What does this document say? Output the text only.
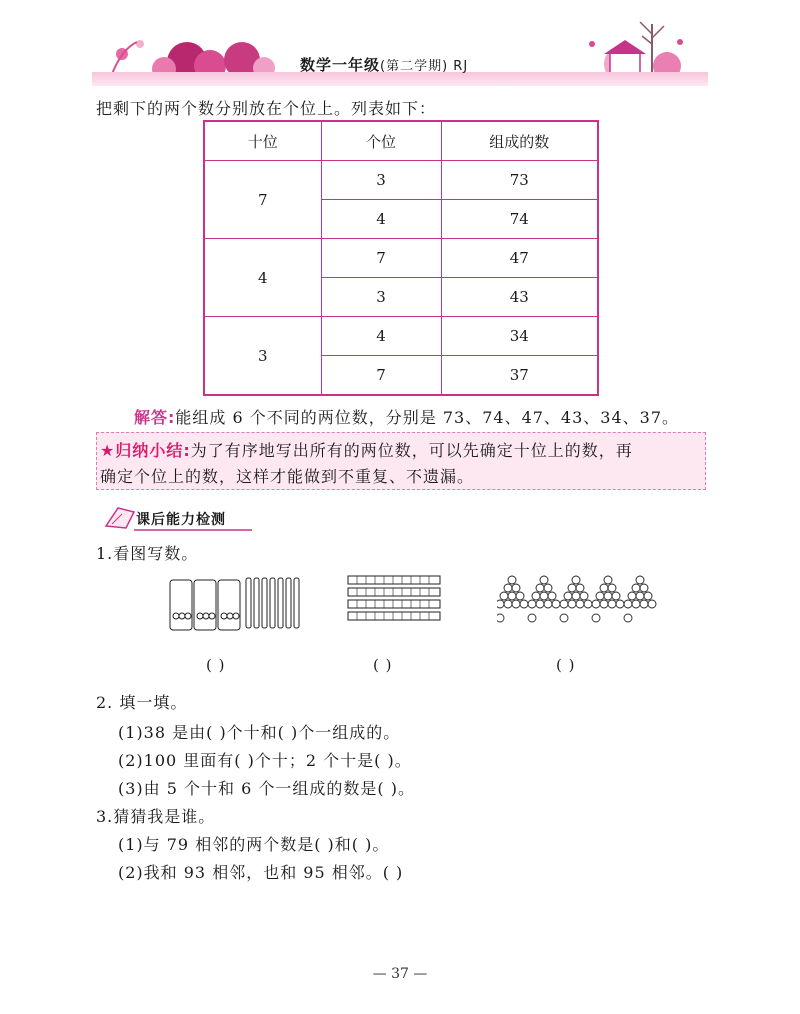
数学一年级(第二学期) RJ
把剩下的两个数分别放在个位上。列表如下：
十位	个位	组成的数
7	3	73
	4	74
4	7	47
	3	43
3	4	34
	7	37
解答:能组成 6 个不同的两位数，分别是 73、74、47、43、34、37。
★归纳小结:为了有序地写出所有的两位数，可以先确定十位上的数，再
确定个位上的数，这样才能做到不重复、不遗漏。
课后能力检测
1.看图写数。
( )	( )	( )
2. 填一填。
(1)38 是由( )个十和( )个一组成的。
(2)100 里面有( )个十；2 个十是( )。
(3)由 5 个十和 6 个一组成的数是( )。
3.猜猜我是谁。
(1)与 79 相邻的两个数是( )和( )。
(2)我和 93 相邻，也和 95 相邻。( )
— 37 —
